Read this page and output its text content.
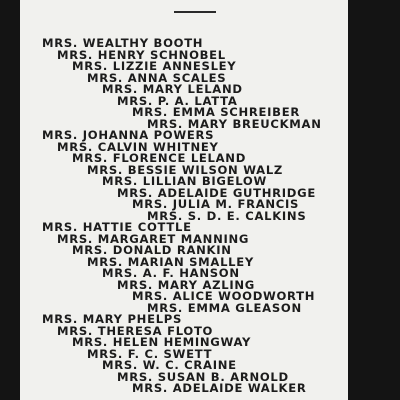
MRS. WEALTHY BOOTH
MRS. HENRY SCHNOBEL
MRS. LIZZIE ANNESLEY
MRS. ANNA SCALES
MRS. MARY LELAND
MRS. P. A. LATTA
MRS. EMMA SCHREIBER
MRS. MARY BREUCKMAN
MRS. JOHANNA POWERS
MRS. CALVIN WHITNEY
MRS. FLORENCE LELAND
MRS. BESSIE WILSON WALZ
MRS. LILLIAN BIGELOW
MRS. ADELAIDE GUTHRIDGE
MRS. JULIA M. FRANCIS
MRS. S. D. E. CALKINS
MRS. HATTIE COTTLE
MRS. MARGARET MANNING
MRS. DONALD RANKIN
MRS. MARIAN SMALLEY
MRS. A. F. HANSON
MRS. MARY AZLING
MRS. ALICE WOODWORTH
MRS. EMMA GLEASON
MRS. MARY PHELPS
MRS. THERESA FLOTO
MRS. HELEN HEMINGWAY
MRS. F. C. SWETT
MRS. W. C. CRAINE
MRS. SUSAN B. ARNOLD
MRS. ADELAIDE WALKER
